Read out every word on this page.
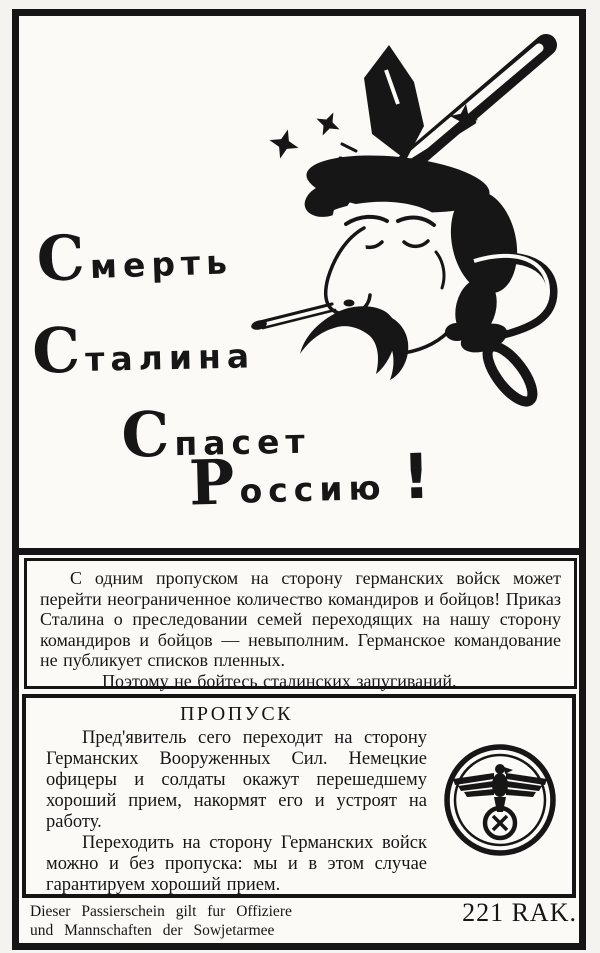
Смерть
Сталина
Спасет
Россию !

С одним пропуском на сторону германских войск может перейти неограниченное количество командиров и бойцов! Приказ Сталина о преследовании семей переходящих на нашу сторону командиров и бойцов — невыполним. Германское командование не публикует списков пленных.

Поэтому не бойтесь сталинских запугиваний.

ПРОПУСК

Пред'явитель сего переходит на сторону Германских Вооруженных Сил. Немецкие офицеры и солдаты окажут перешедшему хороший прием, накормят его и устроят на работу.

Переходить на сторону Германских войск можно и без пропуска: мы и в этом случае гарантируем хороший прием.

Dieser Passierschein gilt fur Offiziere
und Mannschaften der Sowjetarmee
221 RAK.
